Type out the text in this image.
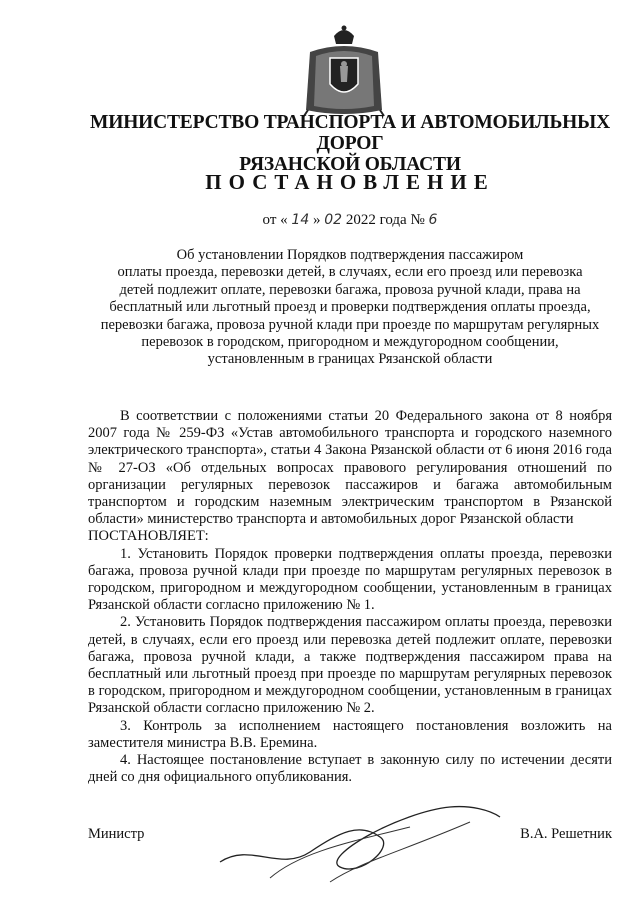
МИНИСТЕРСТВО ТРАНСПОРТА И АВТОМОБИЛЬНЫХ ДОРОГ
РЯЗАНСКОЙ ОБЛАСТИ
ПОСТАНОВЛЕНИЕ
от « 14 » 02 2022 года № 6
Об установлении Порядков подтверждения пассажиром
оплаты проезда, перевозки детей, в случаях, если его проезд или перевозка
детей подлежит оплате, перевозки багажа, провоза ручной клади, права на
бесплатный или льготный проезд и проверки подтверждения оплаты проезда,
перевозки багажа, провоза ручной клади при проезде по маршрутам регулярных
перевозок в городском, пригородном и междугородном сообщении,
установленным в границах Рязанской области

В соответствии с положениями статьи 20 Федерального закона от 8 ноября 2007 года № 259-ФЗ «Устав автомобильного транспорта и городского наземного электрического транспорта», статьи 4 Закона Рязанской области от 6 июня 2016 года № 27-ОЗ «Об отдельных вопросах правового регулирования отношений по организации регулярных перевозок пассажиров и багажа автомобильным транспортом и городским наземным электрическим транспортом в Рязанской области» министерство транспорта и автомобильных дорог Рязанской области

ПОСТАНОВЛЯЕТ:

1. Установить Порядок проверки подтверждения оплаты проезда, перевозки багажа, провоза ручной клади при проезде по маршрутам регулярных перевозок в городском, пригородном и междугородном сообщении, установленным в границах Рязанской области согласно приложению № 1.

2. Установить Порядок подтверждения пассажиром оплаты проезда, перевозки детей, в случаях, если его проезд или перевозка детей подлежит оплате, перевозки багажа, провоза ручной клади, а также подтверждения пассажиром права на бесплатный или льготный проезд при проезде по маршрутам регулярных перевозок в городском, пригородном и междугородном сообщении, установленным в границах Рязанской области согласно приложению № 2.

3. Контроль за исполнением настоящего постановления возложить на заместителя министра В.В. Еремина.

4. Настоящее постановление вступает в законную силу по истечении десяти дней со дня официального опубликования.

Министр	В.А. Решетник
